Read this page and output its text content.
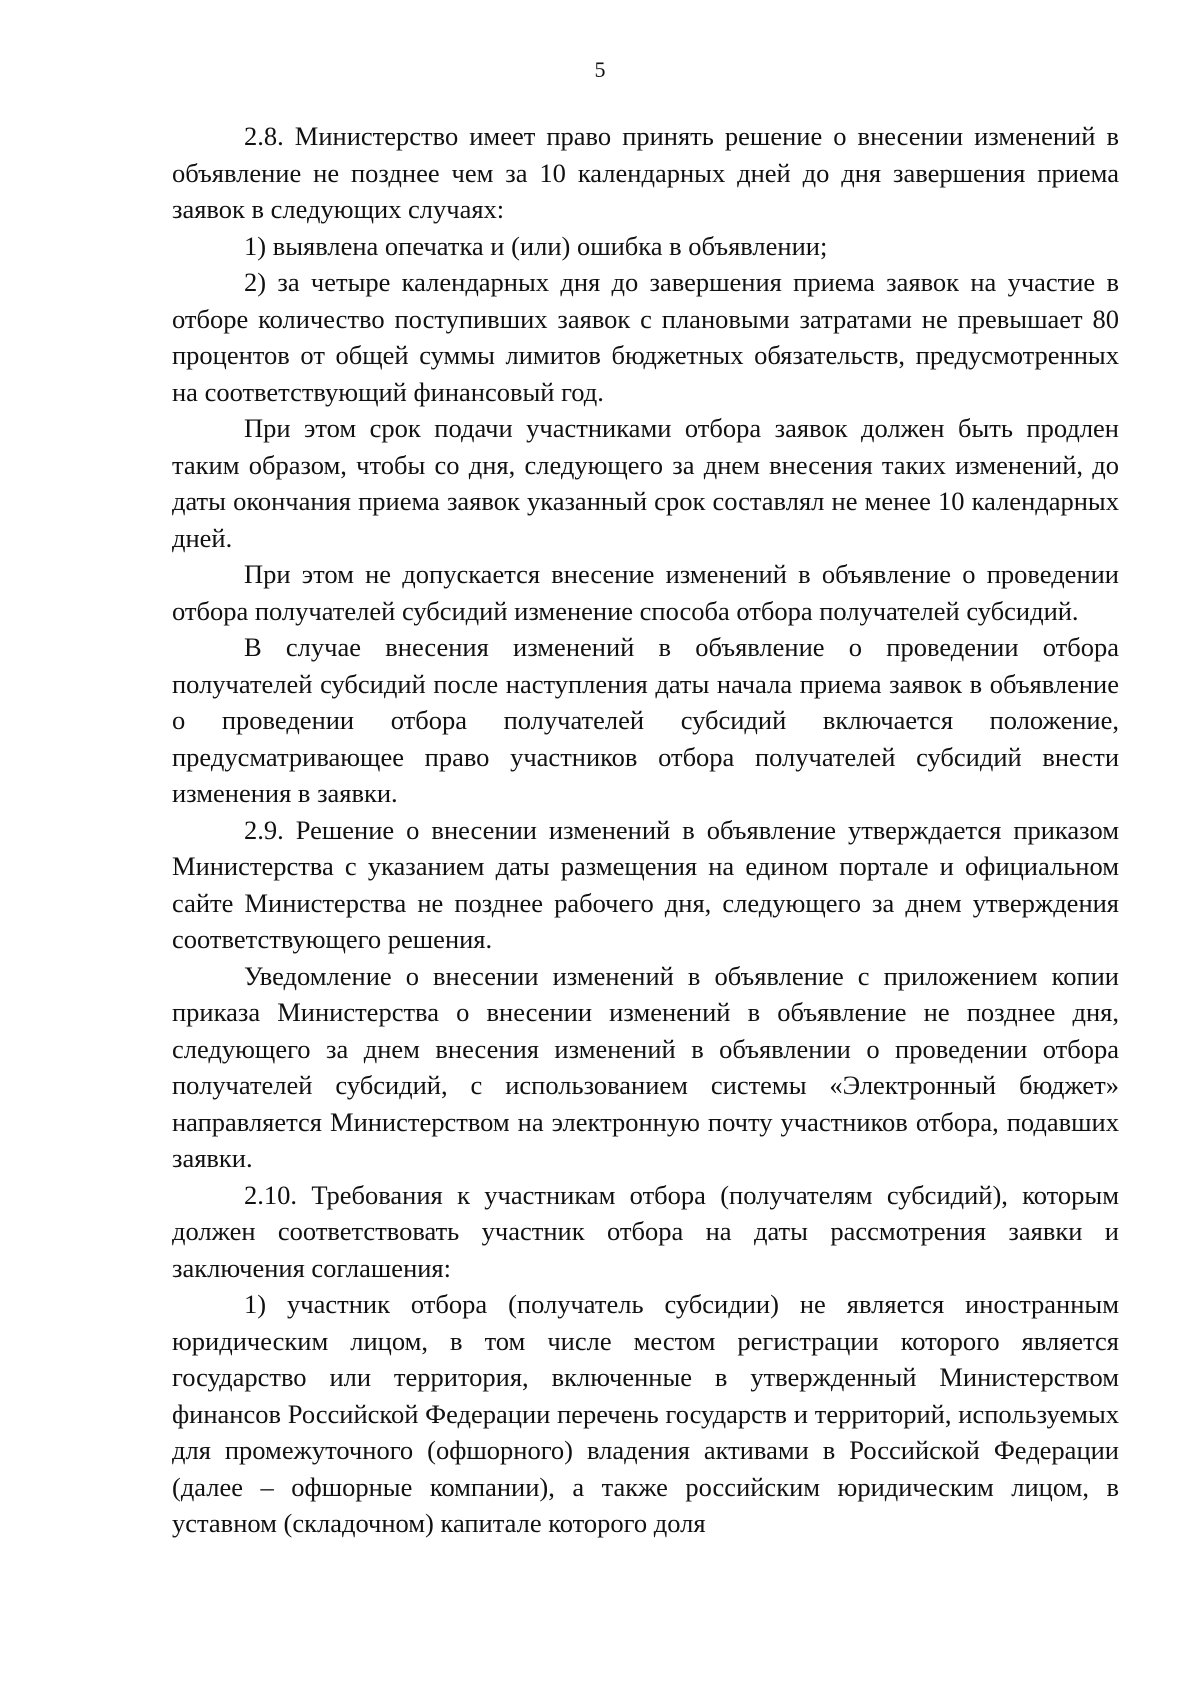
5

2.8. Министерство имеет право принять решение о внесении изменений в объявление не позднее чем за 10 календарных дней до дня завершения приема заявок в следующих случаях:

1) выявлена опечатка и (или) ошибка в объявлении;

2) за четыре календарных дня до завершения приема заявок на участие в отборе количество поступивших заявок с плановыми затратами не превышает 80 процентов от общей суммы лимитов бюджетных обязательств, предусмотренных на соответствующий финансовый год.

При этом срок подачи участниками отбора заявок должен быть продлен таким образом, чтобы со дня, следующего за днем внесения таких изменений, до даты окончания приема заявок указанный срок составлял не менее 10 календарных дней.

При этом не допускается внесение изменений в объявление о проведении отбора получателей субсидий изменение способа отбора получателей субсидий.

В случае внесения изменений в объявление о проведении отбора получателей субсидий после наступления даты начала приема заявок в объявление о проведении отбора получателей субсидий включается положение, предусматривающее право участников отбора получателей субсидий внести изменения в заявки.

2.9. Решение о внесении изменений в объявление утверждается приказом Министерства с указанием даты размещения на едином портале и официальном сайте Министерства не позднее рабочего дня, следующего за днем утверждения соответствующего решения.

Уведомление о внесении изменений в объявление с приложением копии приказа Министерства о внесении изменений в объявление не позднее дня, следующего за днем внесения изменений в объявлении о проведении отбора получателей субсидий, с использованием системы «Электронный бюджет» направляется Министерством на электронную почту участников отбора, подавших заявки.

2.10. Требования к участникам отбора (получателям субсидий), которым должен соответствовать участник отбора на даты рассмотрения заявки и заключения соглашения:

1) участник отбора (получатель субсидии) не является иностранным юридическим лицом, в том числе местом регистрации которого является государство или территория, включенные в утвержденный Министерством финансов Российской Федерации перечень государств и территорий, используемых для промежуточного (офшорного) владения активами в Российской Федерации (далее – офшорные компании), а также российским юридическим лицом, в уставном (складочном) капитале которого доля
